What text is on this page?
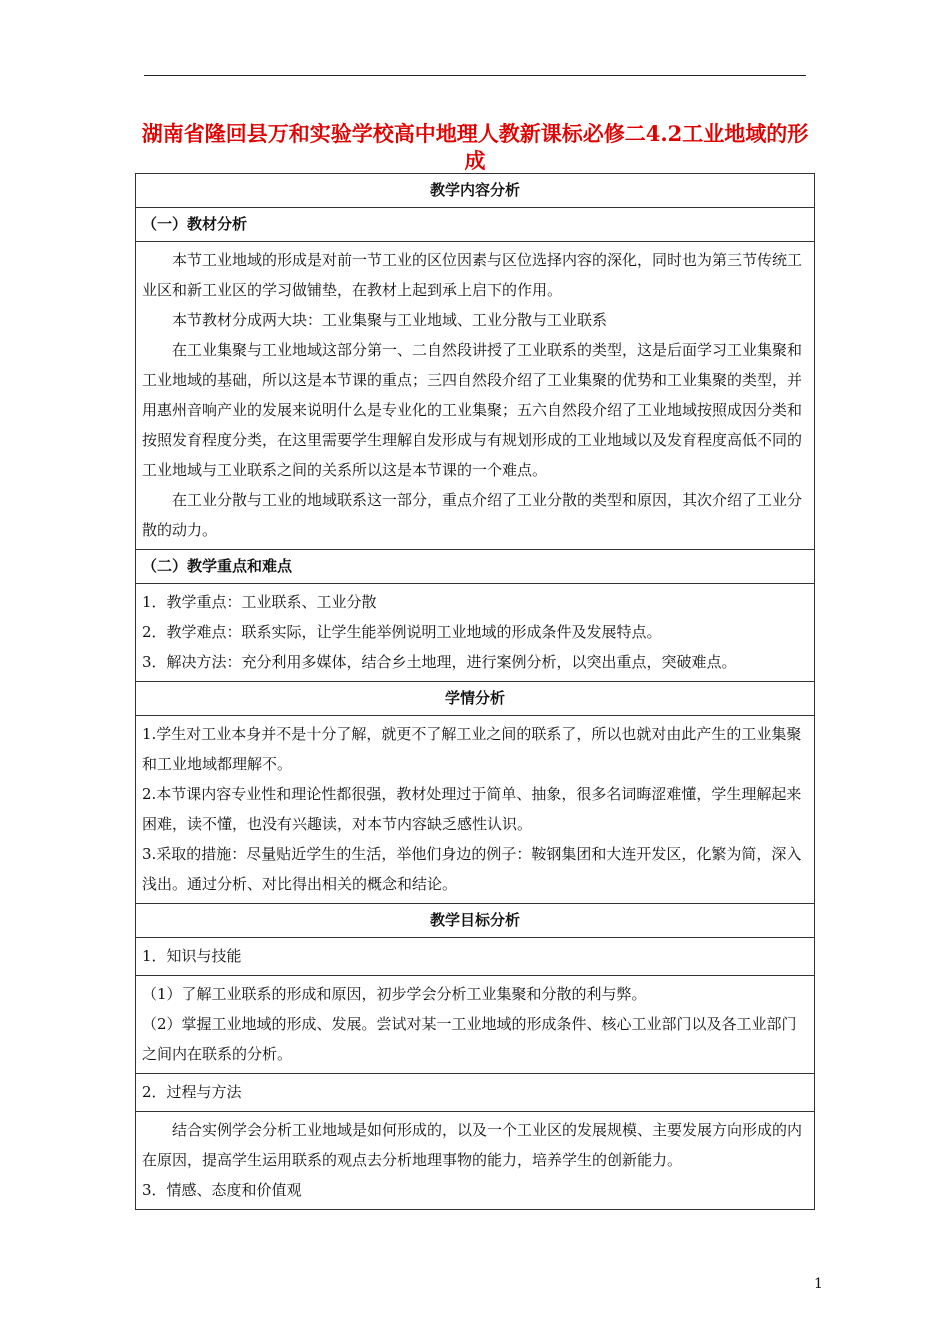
湖南省隆回县万和实验学校高中地理人教新课标必修二4.2工业地域的形成
教学内容分析
（一）教材分析

本节工业地域的形成是对前一节工业的区位因素与区位选择内容的深化，同时也为第三节传统工业区和新工业区的学习做铺垫，在教材上起到承上启下的作用。

本节教材分成两大块：工业集聚与工业地域、工业分散与工业联系

在工业集聚与工业地域这部分第一、二自然段讲授了工业联系的类型，这是后面学习工业集聚和工业地域的基础，所以这是本节课的重点；三四自然段介绍了工业集聚的优势和工业集聚的类型，并用惠州音响产业的发展来说明什么是专业化的工业集聚；五六自然段介绍了工业地域按照成因分类和按照发育程度分类，在这里需要学生理解自发形成与有规划形成的工业地域以及发育程度高低不同的工业地域与工业联系之间的关系所以这是本节课的一个难点。

在工业分散与工业的地域联系这一部分，重点介绍了工业分散的类型和原因，其次介绍了工业分散的动力。

（二）教学重点和难点

1．教学重点：工业联系、工业分散

2．教学难点：联系实际，让学生能举例说明工业地域的形成条件及发展特点。

3．解决方法：充分利用多媒体，结合乡土地理，进行案例分析，以突出重点，突破难点。

学情分析

1.学生对工业本身并不是十分了解，就更不了解工业之间的联系了，所以也就对由此产生的工业集聚和工业地域都理解不。

2.本节课内容专业性和理论性都很强，教材处理过于简单、抽象，很多名词晦涩难懂，学生理解起来困难，读不懂，也没有兴趣读，对本节内容缺乏感性认识。

3.采取的措施：尽量贴近学生的生活，举他们身边的例子：鞍钢集团和大连开发区，化繁为简，深入浅出。通过分析、对比得出相关的概念和结论。

教学目标分析
1．知识与技能

（1）了解工业联系的形成和原因，初步学会分析工业集聚和分散的利与弊。

（2）掌握工业地域的形成、发展。尝试对某一工业地域的形成条件、核心工业部门以及各工业部门之间内在联系的分析。

2．过程与方法

结合实例学会分析工业地域是如何形成的，以及一个工业区的发展规模、主要发展方向形成的内在原因，提高学生运用联系的观点去分析地理事物的能力，培养学生的创新能力。

3．情感、态度和价值观

1
